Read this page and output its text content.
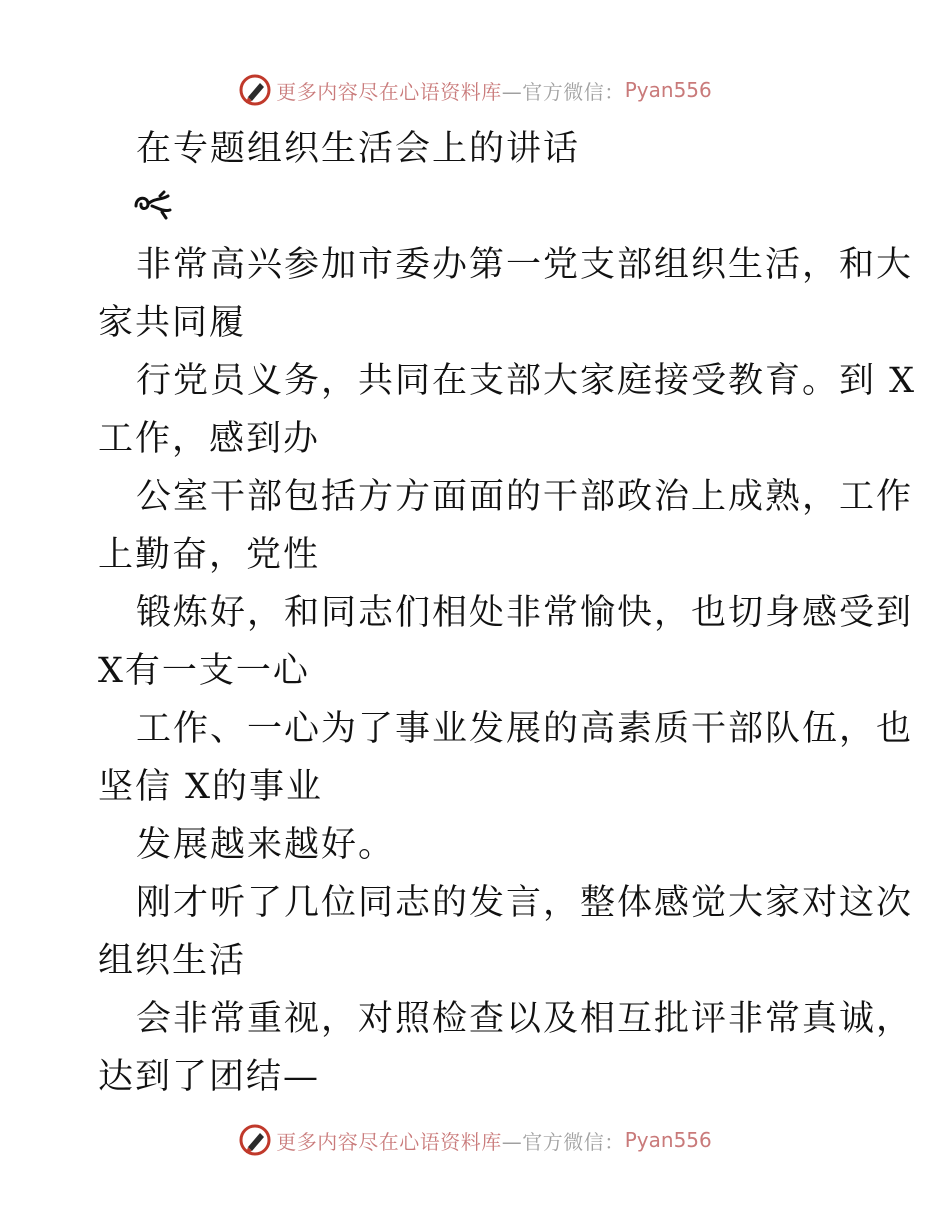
更多内容尽在心语资料库 —官方微信： Pyan556
在专题组织生活会上的讲话
非常高兴参加市委办第一党支部组织生活，和大
家共同履
行党员义务，共同在支部大家庭接受教育。到 X
工作，感到办
公室干部包括方方面面的干部政治上成熟，工作
上勤奋，党性
锻炼好，和同志们相处非常愉快，也切身感受到
X有一支一心
工作、一心为了事业发展的高素质干部队伍，也
坚信 X的事业
发展越来越好。
刚才听了几位同志的发言，整体感觉大家对这次
组织生活
会非常重视，对照检查以及相互批评非常真诚，
达到了团结—
更多内容尽在心语资料库 —官方微信： Pyan556
